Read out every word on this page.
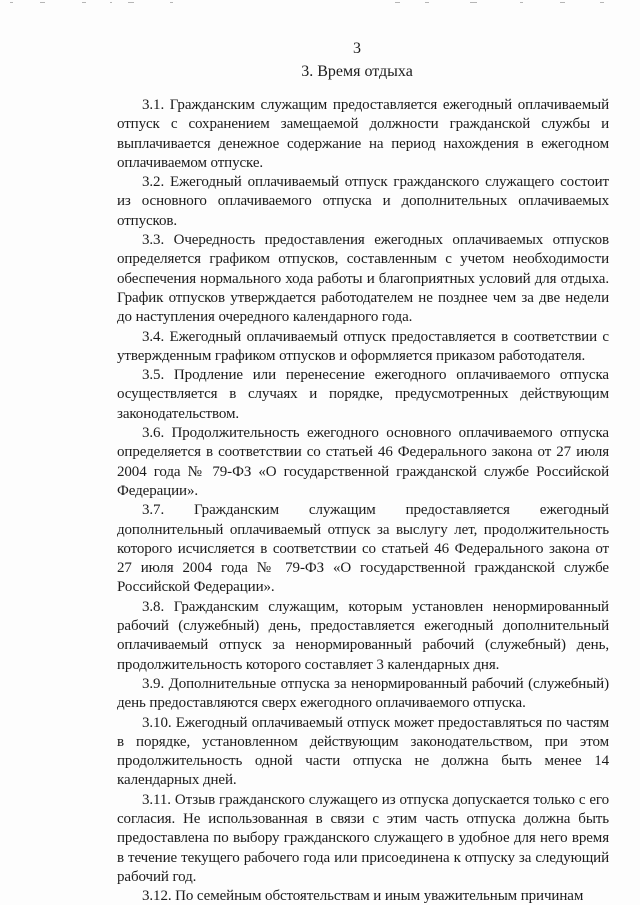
3
3. Время отдыха

3.1. Гражданским служащим предоставляется ежегодный оплачиваемый отпуск с сохранением замещаемой должности гражданской службы и выплачивается денежное содержание на период нахождения в ежегодном оплачиваемом отпуске.

3.2. Ежегодный оплачиваемый отпуск гражданского служащего состоит из основного оплачиваемого отпуска и дополнительных оплачиваемых отпусков.

3.3. Очередность предоставления ежегодных оплачиваемых отпусков определяется графиком отпусков, составленным с учетом необходимости обеспечения нормального хода работы и благоприятных условий для отдыха. График отпусков утверждается работодателем не позднее чем за две недели до наступления очередного календарного года.

3.4. Ежегодный оплачиваемый отпуск предоставляется в соответствии с утвержденным графиком отпусков и оформляется приказом работодателя.

3.5. Продление или перенесение ежегодного оплачиваемого отпуска осуществляется в случаях и порядке, предусмотренных действующим законодательством.

3.6. Продолжительность ежегодного основного оплачиваемого отпуска определяется в соответствии со статьей 46 Федерального закона от 27 июля 2004 года № 79-ФЗ «О государственной гражданской службе Российской Федерации».

3.7. Гражданским служащим предоставляется ежегодный дополнительный оплачиваемый отпуск за выслугу лет, продолжительность которого исчисляется в соответствии со статьей 46 Федерального закона от 27 июля 2004 года № 79-ФЗ «О государственной гражданской службе Российской Федерации».

3.8. Гражданским служащим, которым установлен ненормированный рабочий (служебный) день, предоставляется ежегодный дополнительный оплачиваемый отпуск за ненормированный рабочий (служебный) день, продолжительность которого составляет 3 календарных дня.

3.9. Дополнительные отпуска за ненормированный рабочий (служебный) день предоставляются сверх ежегодного оплачиваемого отпуска.

3.10. Ежегодный оплачиваемый отпуск может предоставляться по частям в порядке, установленном действующим законодательством, при этом продолжительность одной части отпуска не должна быть менее 14 календарных дней.

3.11. Отзыв гражданского служащего из отпуска допускается только с его согласия. Не использованная в связи с этим часть отпуска должна быть предоставлена по выбору гражданского служащего в удобное для него время в течение текущего рабочего года или присоединена к отпуску за следующий рабочий год.

3.12. По семейным обстоятельствам и иным уважительным причинам
